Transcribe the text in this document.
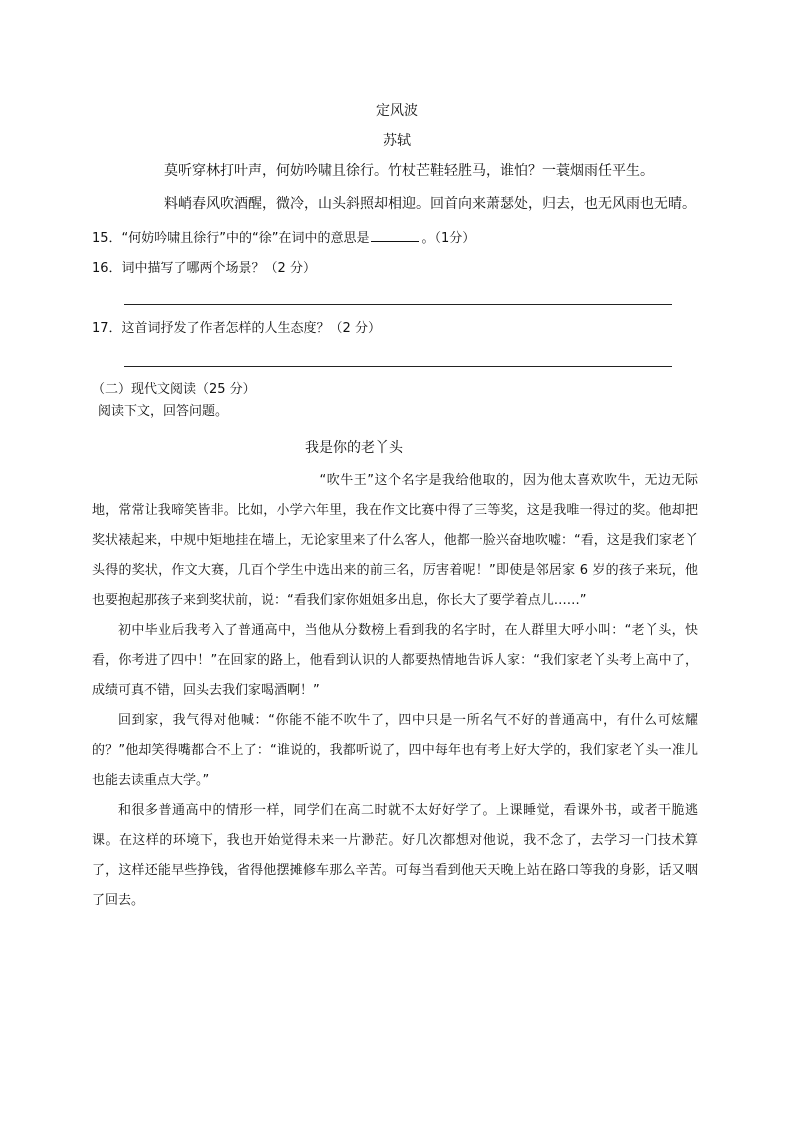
定风波
苏轼
莫听穿林打叶声，何妨吟啸且徐行。竹杖芒鞋轻胜马，谁怕？一蓑烟雨任平生。
料峭春风吹酒醒，微冷，山头斜照却相迎。回首向来萧瑟处，归去，也无风雨也无晴。
15．“何妨吟啸且徐行”中的“徐”在词中的意思是	。（1分）
16．词中描写了哪两个场景？（2 分）
17．这首词抒发了作者怎样的人生态度？（2 分）
（二）现代文阅读（25 分）
阅读下文，回答问题。
我是你的老丫头

“吹牛王”这个名字是我给他取的，因为他太喜欢吹牛，无边无际地，常常让我啼笑皆非。比如，小学六年里，我在作文比赛中得了三等奖，这是我唯一得过的奖。他却把奖状裱起来，中规中矩地挂在墙上，无论家里来了什么客人，他都一脸兴奋地吹嘘：“看，这是我们家老丫头得的奖状，作文大赛，几百个学生中选出来的前三名，厉害着呢！”即使是邻居家 6 岁的孩子来玩，他也要抱起那孩子来到奖状前，说：“看我们家你姐姐多出息，你长大了要学着点儿……”

初中毕业后我考入了普通高中，当他从分数榜上看到我的名字时，在人群里大呼小叫：“老丫头，快看，你考进了四中！”在回家的路上，他看到认识的人都要热情地告诉人家：“我们家老丫头考上高中了，成绩可真不错，回头去我们家喝酒啊！”

回到家，我气得对他喊：“你能不能不吹牛了，四中只是一所名气不好的普通高中，有什么可炫耀的？”他却笑得嘴都合不上了：“谁说的，我都听说了，四中每年也有考上好大学的，我们家老丫头一准儿也能去读重点大学。”

和很多普通高中的情形一样，同学们在高二时就不太好好学了。上课睡觉，看课外书，或者干脆逃课。在这样的环境下，我也开始觉得未来一片渺茫。好几次都想对他说，我不念了，去学习一门技术算了，这样还能早些挣钱，省得他摆摊修车那么辛苦。可每当看到他天天晚上站在路口等我的身影，话又咽了回去。
